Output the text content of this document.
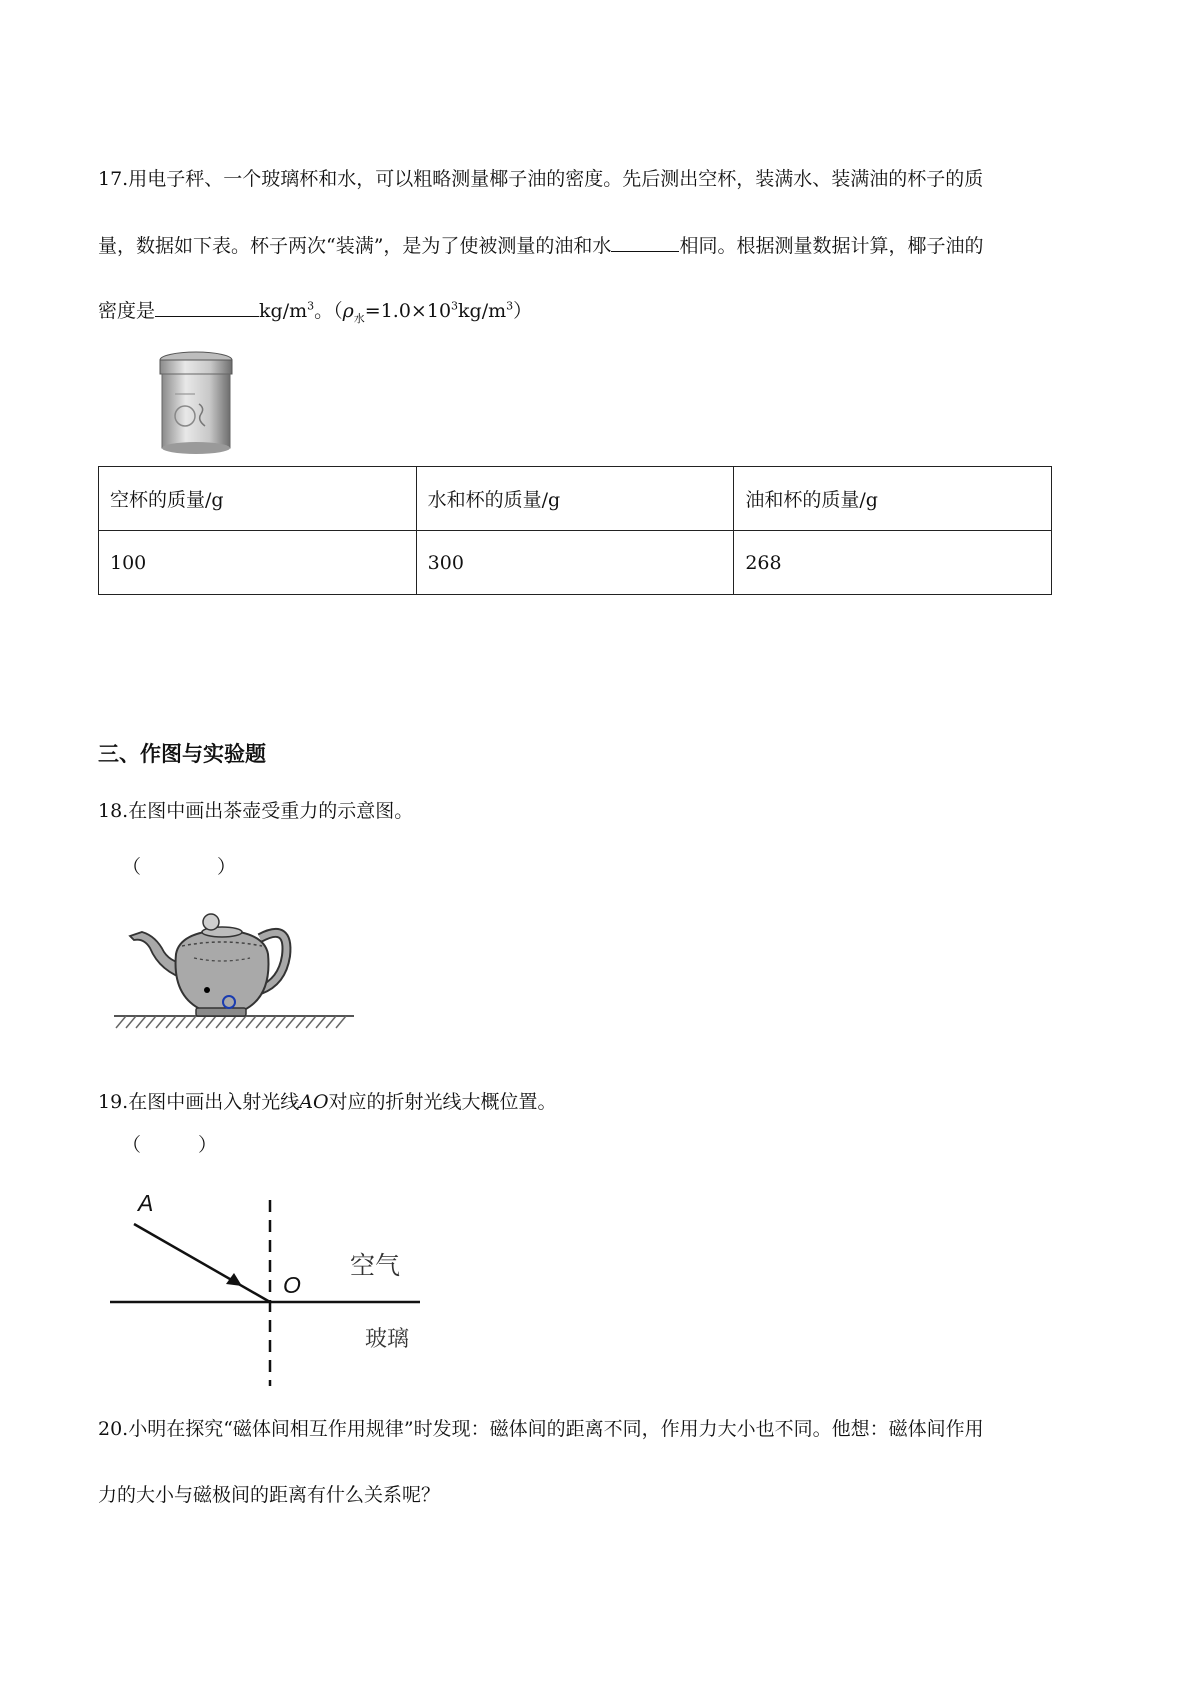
17.用电子秤、一个玻璃杯和水，可以粗略测量椰子油的密度。先后测出空杯，装满水、装满油的杯子的质
量，数据如下表。杯子两次“装满”，是为了使被测量的油和水	相同。根据测量数据计算，椰子油的
密度是	$kg/m^3$。$(\rho_水=1.0\times 10^3kg/m^3)$
空杯的质量/g	水和杯的质量/g	油和杯的质量/g
100	300	268
三、作图与实验题
18.在图中画出茶壶受重力的示意图。
（　　　　）
19.在图中画出入射光线AO对应的折射光线大概位置。
（　　　）
A
O
空气
玻璃
20.小明在探究“磁体间相互作用规律”时发现：磁体间的距离不同，作用力大小也不同。他想：磁体间作用
力的大小与磁极间的距离有什么关系呢？
